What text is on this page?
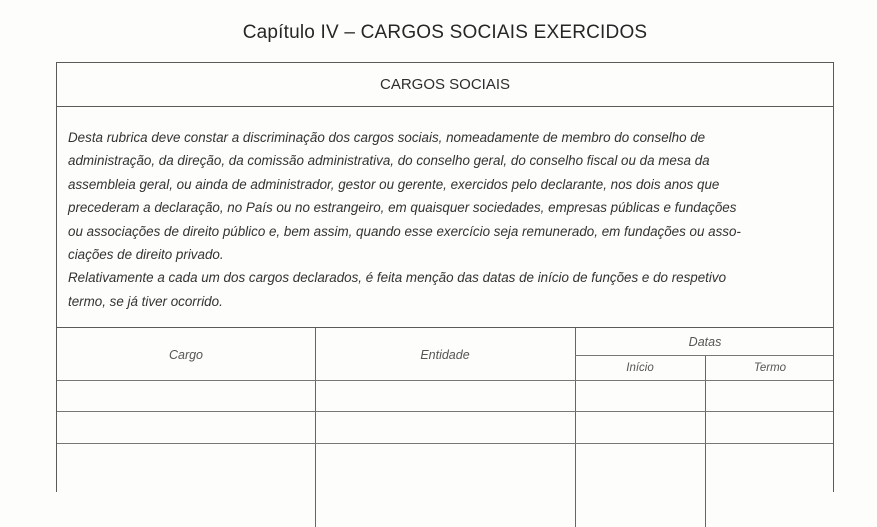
Capítulo IV – CARGOS SOCIAIS EXERCIDOS
CARGOS SOCIAIS

Desta rubrica deve constar a discriminação dos cargos sociais, nomeadamente de membro do conselho de

administração, da direção, da comissão administrativa, do conselho geral, do conselho fiscal ou da mesa da

assembleia geral, ou ainda de administrador, gestor ou gerente, exercidos pelo declarante, nos dois anos que

precederam a declaração, no País ou no estrangeiro, em quaisquer sociedades, empresas públicas e fundações

ou associações de direito público e, bem assim, quando esse exercício seja remunerado, em fundações ou asso-

ciações de direito privado.

Relativamente a cada um dos cargos declarados, é feita menção das datas de início de funções e do respetivo

termo, se já tiver ocorrido.

Cargo	Entidade
Datas
Início	Termo
